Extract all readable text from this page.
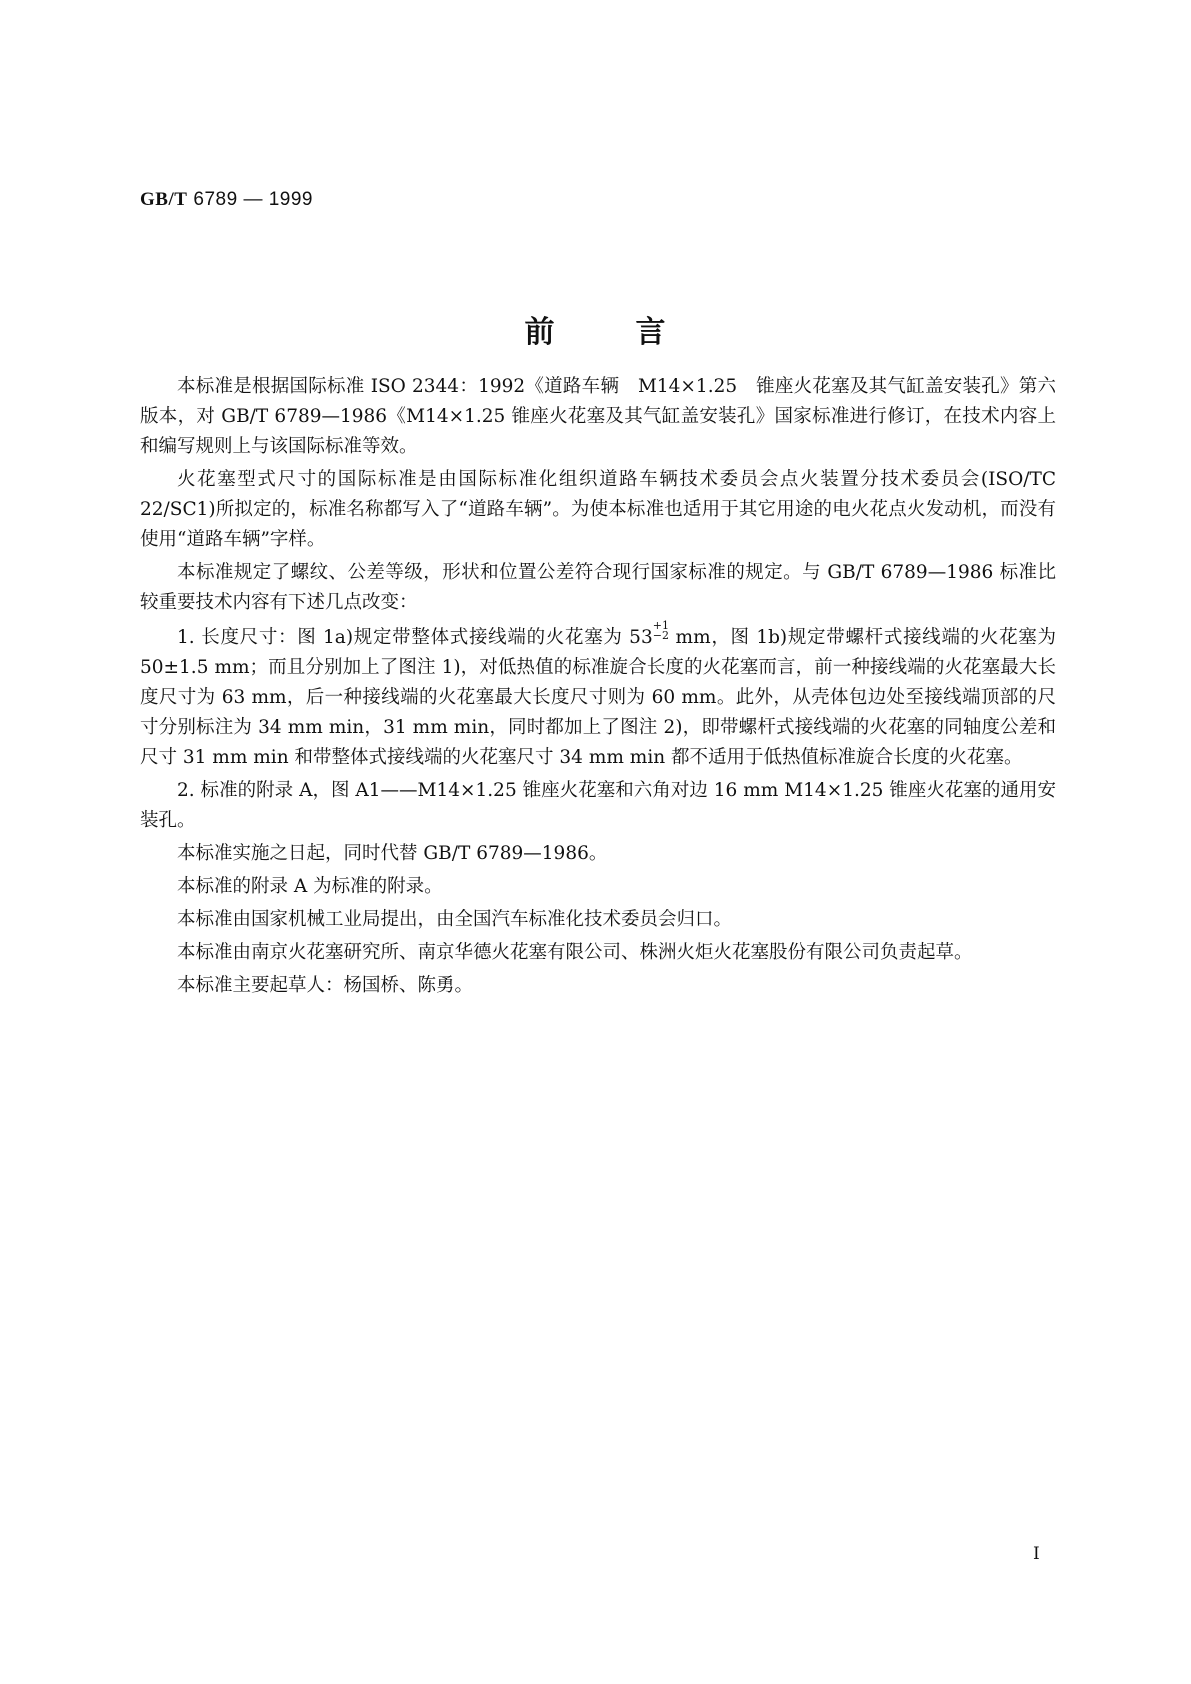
GB/T 6789 — 1999
前	言

本标准是根据国际标准 ISO 2344：1992《道路车辆　M14×1.25　锥座火花塞及其气缸盖安装孔》第六版本，对 GB/T 6789—1986《M14×1.25 锥座火花塞及其气缸盖安装孔》国家标准进行修订，在技术内容上和编写规则上与该国际标准等效。

火花塞型式尺寸的国际标准是由国际标准化组织道路车辆技术委员会点火装置分技术委员会(ISO/TC 22/SC1)所拟定的，标准名称都写入了“道路车辆”。为使本标准也适用于其它用途的电火花点火发动机，而没有使用“道路车辆”字样。

本标准规定了螺纹、公差等级，形状和位置公差符合现行国家标准的规定。与 GB/T 6789—1986 标准比较重要技术内容有下述几点改变：

1. 长度尺寸：图 1a)规定带整体式接线端的火花塞为 53
$^{+1 -2}$ mm，图 1b)规定带螺杆式接线端的火花塞为 50±1.5 mm；而且分别加上了图注 1)，对低热值的标准旋合长度的火花塞而言，前一种接线端的火花塞最大长度尺寸为 63 mm，后一种接线端的火花塞最大长度尺寸则为 60 mm。此外，从壳体包边处至接线端顶部的尺寸分别标注为 34 mm min，31 mm min，同时都加上了图注 2)，即带螺杆式接线端的火花塞的同轴度公差和尺寸 31 mm min 和带整体式接线端的火花塞尺寸 34 mm min 都不适用于低热值标准旋合长度的火花塞。

2. 标准的附录 A，图 A1——M14×1.25 锥座火花塞和六角对边 16 mm M14×1.25 锥座火花塞的通用安装孔。

本标准实施之日起，同时代替 GB/T 6789—1986。

本标准的附录 A 为标准的附录。

本标准由国家机械工业局提出，由全国汽车标准化技术委员会归口。

本标准由南京火花塞研究所、南京华德火花塞有限公司、株洲火炬火花塞股份有限公司负责起草。

本标准主要起草人：杨国桥、陈勇。

I
